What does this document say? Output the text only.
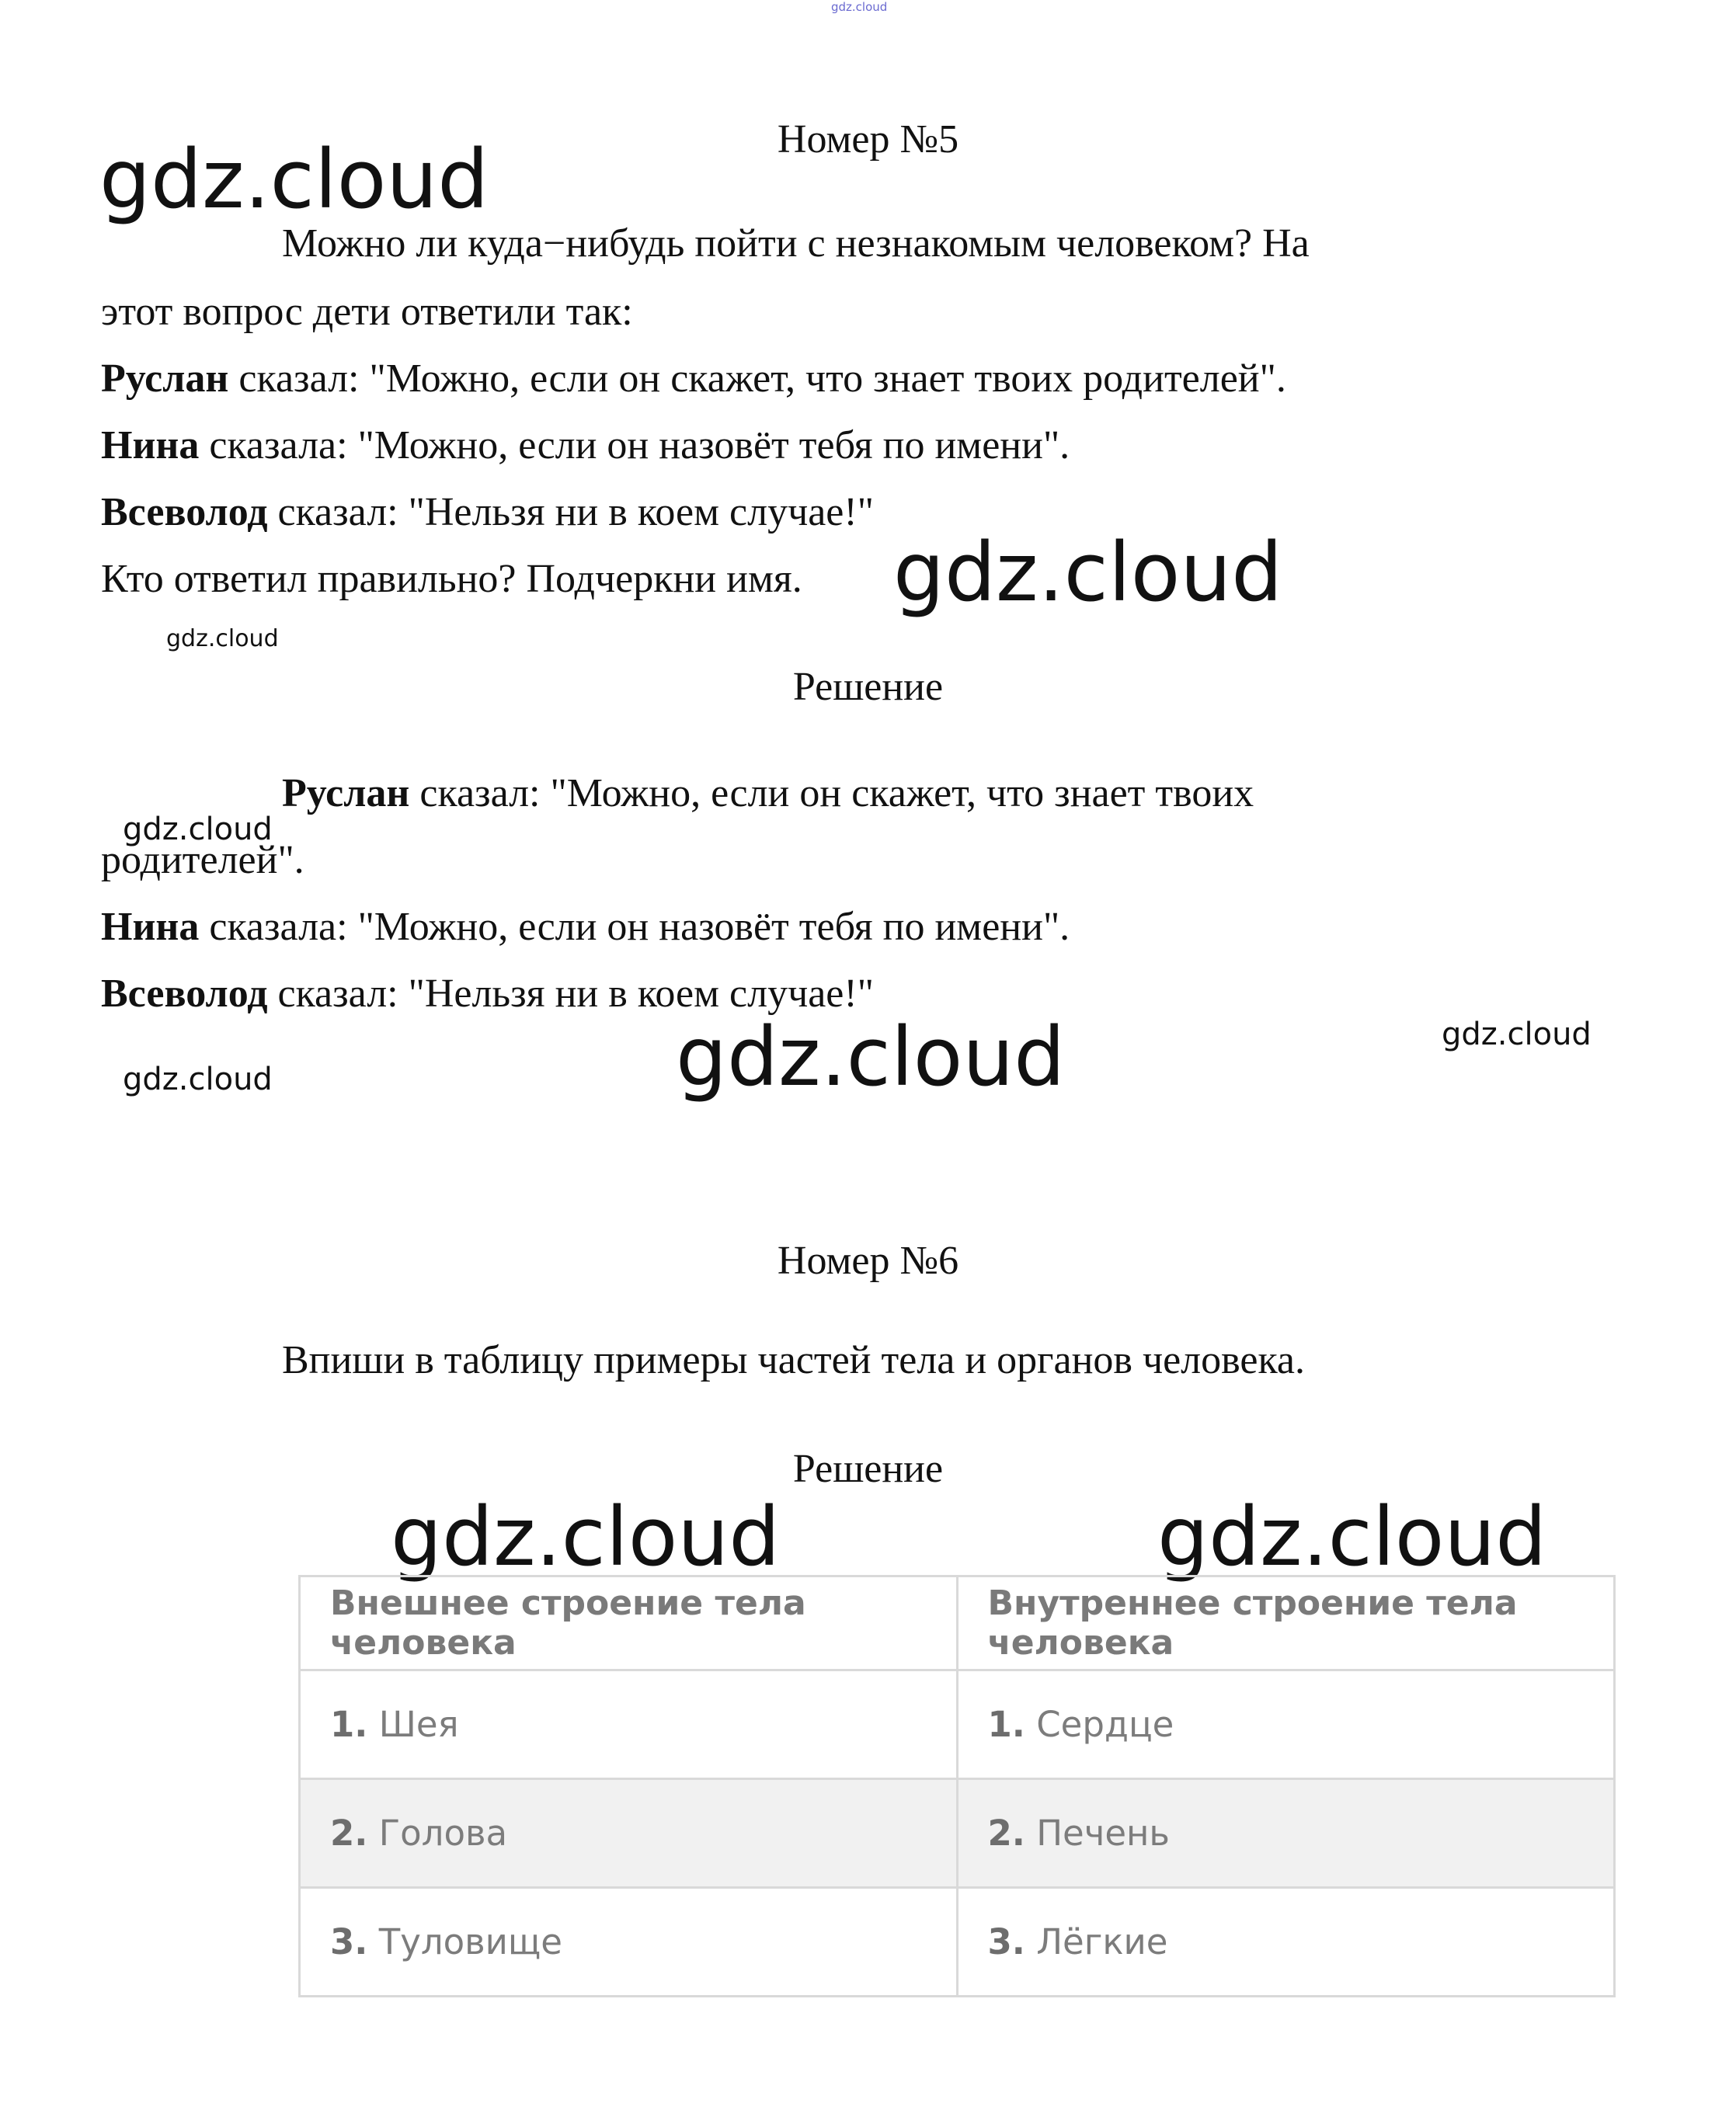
gdz.cloud
Номер №5
gdz.cloud
Можно ли куда−нибудь пойти с незнакомым человеком? На
этот вопрос дети ответили так:
Руслан сказал: "Можно, если он скажет, что знает твоих родителей".
Нина сказала: "Можно, если он назовёт тебя по имени".
Всеволод сказал: "Нельзя ни в коем случае!"
Кто ответил правильно? Подчеркни имя. gdz.cloud
gdz.cloud
Решение
Руслан сказал: "Можно, если он скажет, что знает твоих
gdz.cloud
родителей".
Нина сказала: "Можно, если он назовёт тебя по имени".
Всеволод сказал: "Нельзя ни в коем случае!"
gdz.cloud
gdz.cloud
gdz.cloud
Номер №6
Впиши в таблицу примеры частей тела и органов человека.
Решение
gdz.cloud	gdz.cloud
Внешнее строение тела человека	Внутреннее строение тела человека
1. Шея	1. Сердце
2. Голова	2. Печень
3. Туловище	3. Лёгкие
